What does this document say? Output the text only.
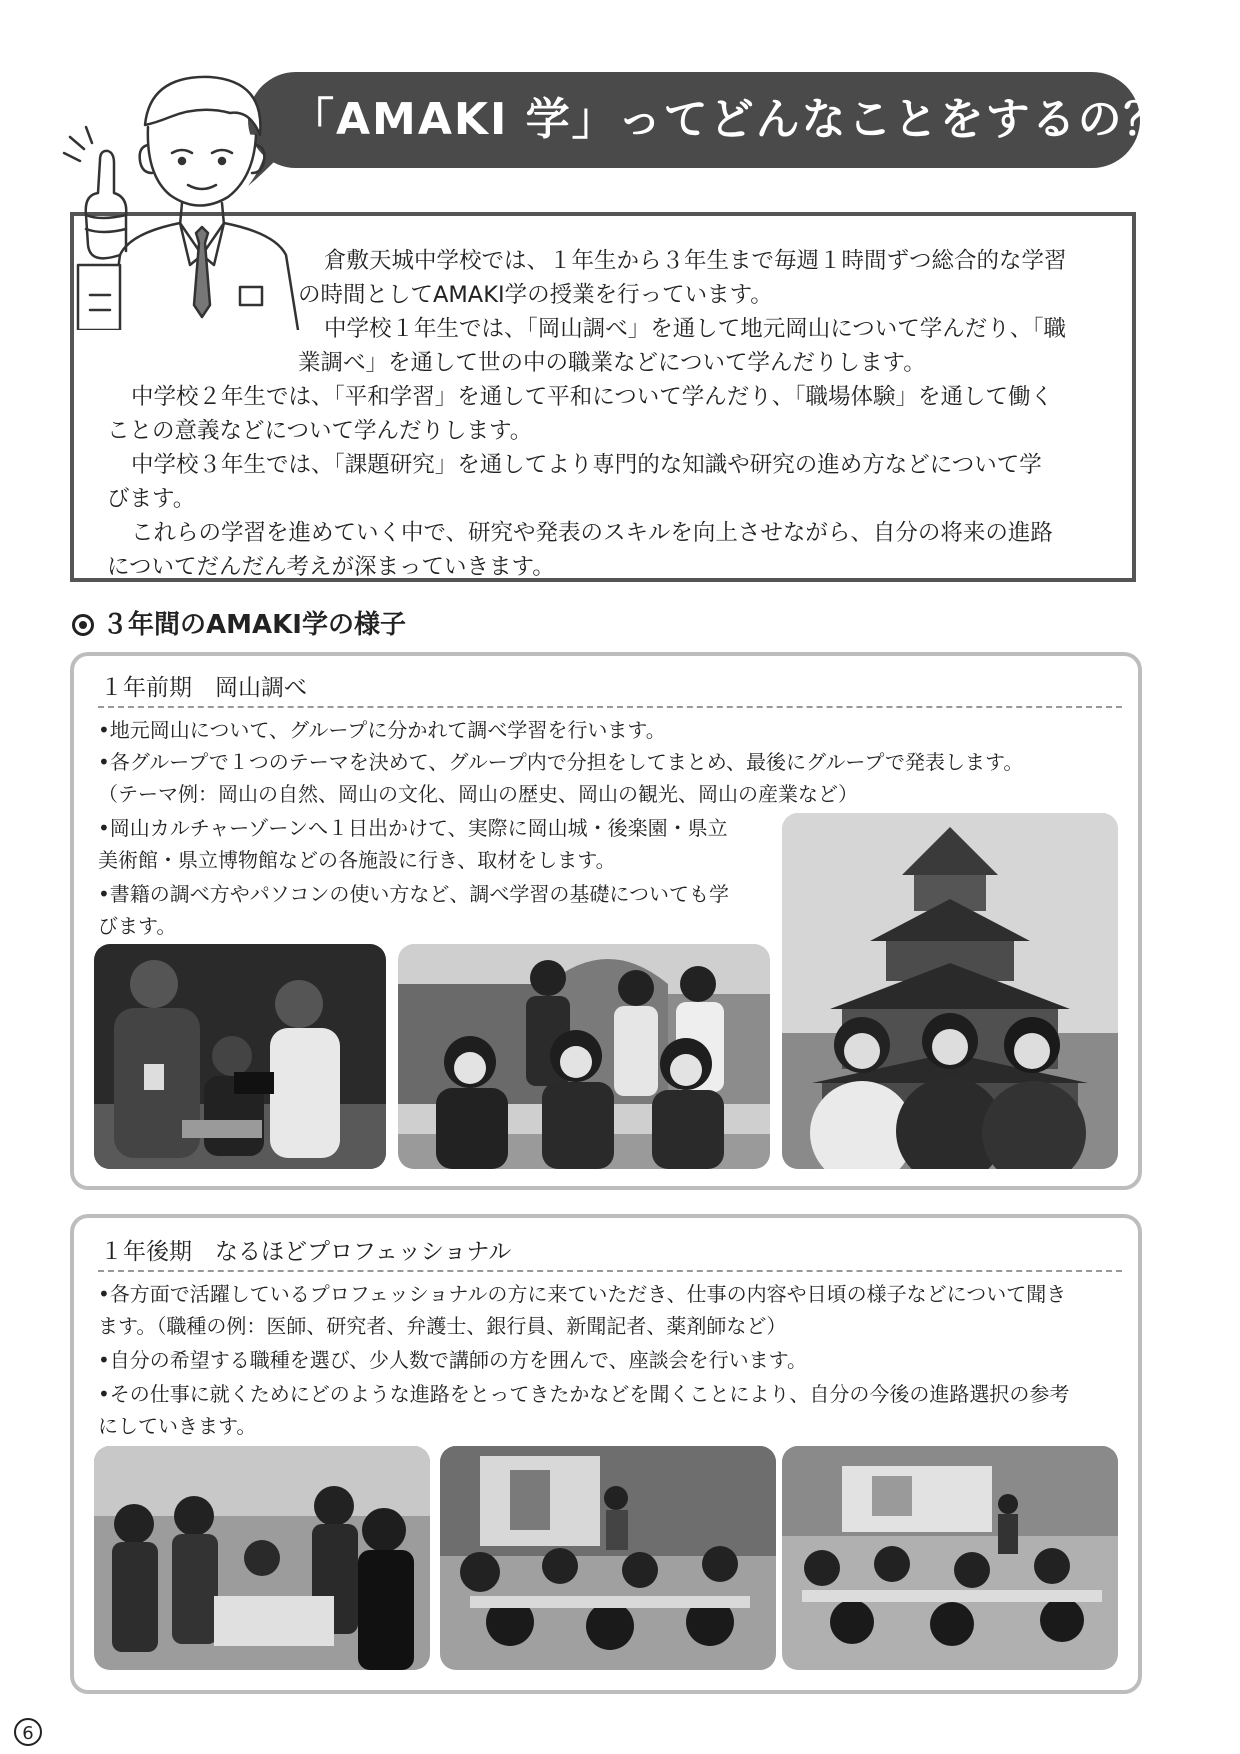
「AMAKI 学」ってどんなことをするの？
倉敷天城中学校では、１年生から３年生まで毎週１時間ずつ総合的な学習
の時間としてAMAKI学の授業を行っています。
中学校１年生では、「岡山調べ」を通して地元岡山について学んだり、「職
業調べ」を通して世の中の職業などについて学んだりします。
中学校２年生では、「平和学習」を通して平和について学んだり、「職場体験」を通して働く
ことの意義などについて学んだりします。
中学校３年生では、「課題研究」を通してより専門的な知識や研究の進め方などについて学
びます。
これらの学習を進めていく中で、研究や発表のスキルを向上させながら、自分の将来の進路
についてだんだん考えが深まっていきます。
３年間のAMAKI学の様子
１年前期　岡山調べ
•地元岡山について、グループに分かれて調べ学習を行います。
•各グループで１つのテーマを決めて、グループ内で分担をしてまとめ、最後にグループで発表します。
（テーマ例：岡山の自然、岡山の文化、岡山の歴史、岡山の観光、岡山の産業など）
•岡山カルチャーゾーンへ１日出かけて、実際に岡山城・後楽園・県立
美術館・県立博物館などの各施設に行き、取材をします。
•書籍の調べ方やパソコンの使い方など、調べ学習の基礎についても学
びます。
１年後期　なるほどプロフェッショナル
•各方面で活躍しているプロフェッショナルの方に来ていただき、仕事の内容や日頃の様子などについて聞き
ます。（職種の例：医師、研究者、弁護士、銀行員、新聞記者、薬剤師など）
•自分の希望する職種を選び、少人数で講師の方を囲んで、座談会を行います。
•その仕事に就くためにどのような進路をとってきたかなどを聞くことにより、自分の今後の進路選択の参考
にしていきます。
6
